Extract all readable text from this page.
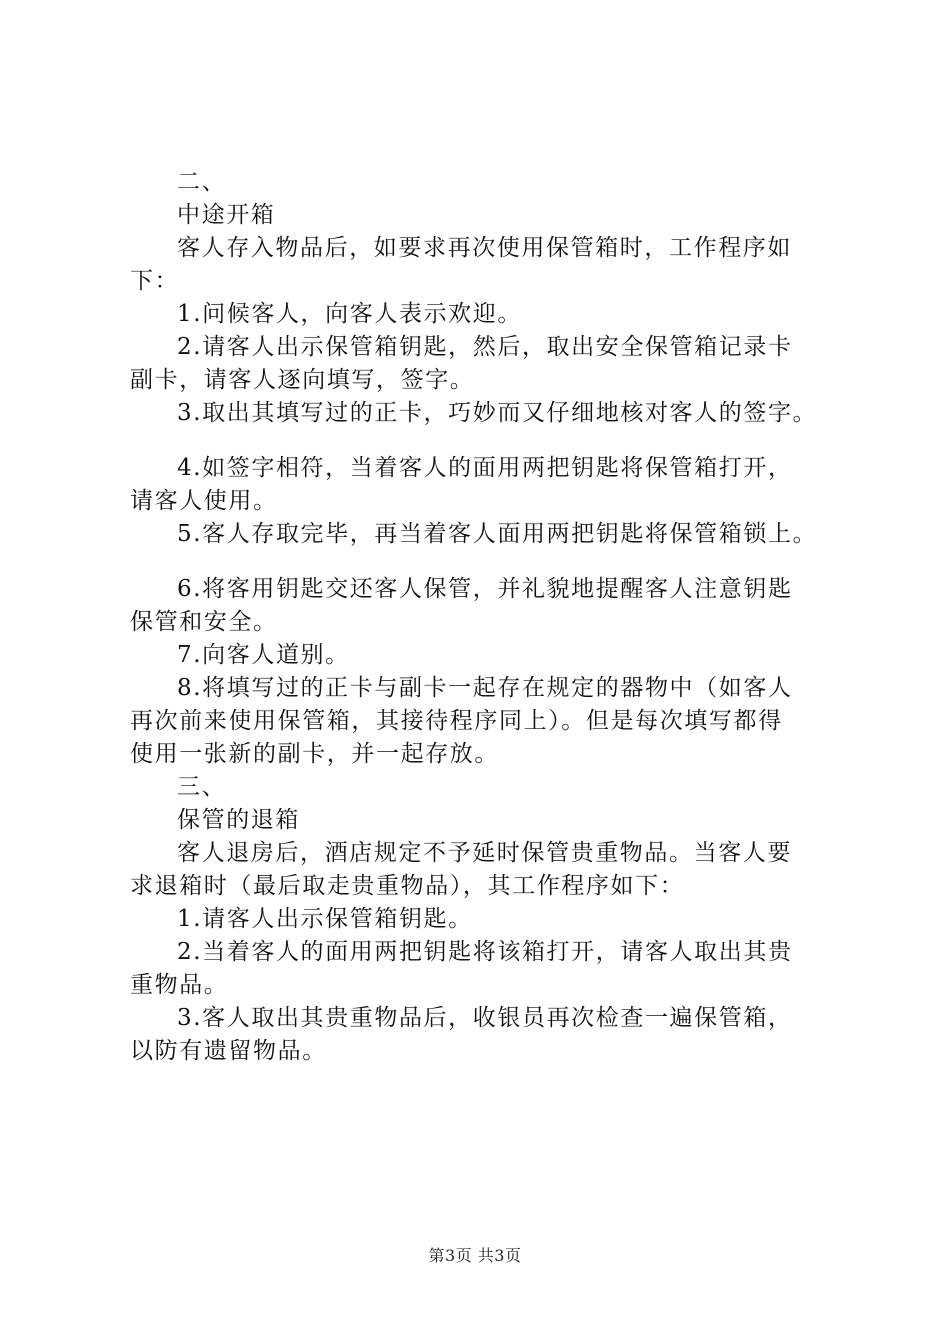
二、

中途开箱

客人存入物品后，如要求再次使用保管箱时，工作程序如

下：

1.问候客人，向客人表示欢迎。

2.请客人出示保管箱钥匙，然后，取出安全保管箱记录卡

副卡，请客人逐向填写，签字。

3.取出其填写过的正卡，巧妙而又仔细地核对客人的签字。

4.如签字相符，当着客人的面用两把钥匙将保管箱打开，

请客人使用。

5.客人存取完毕，再当着客人面用两把钥匙将保管箱锁上。

6.将客用钥匙交还客人保管，并礼貌地提醒客人注意钥匙

保管和安全。

7.向客人道别。

8.将填写过的正卡与副卡一起存在规定的器物中（如客人

再次前来使用保管箱，其接待程序同上）。但是每次填写都得

使用一张新的副卡，并一起存放。

三、

保管的退箱

客人退房后，酒店规定不予延时保管贵重物品。当客人要

求退箱时（最后取走贵重物品），其工作程序如下：

1.请客人出示保管箱钥匙。

2.当着客人的面用两把钥匙将该箱打开，请客人取出其贵

重物品。

3.客人取出其贵重物品后，收银员再次检查一遍保管箱，

以防有遗留物品。

第3页 共3页
